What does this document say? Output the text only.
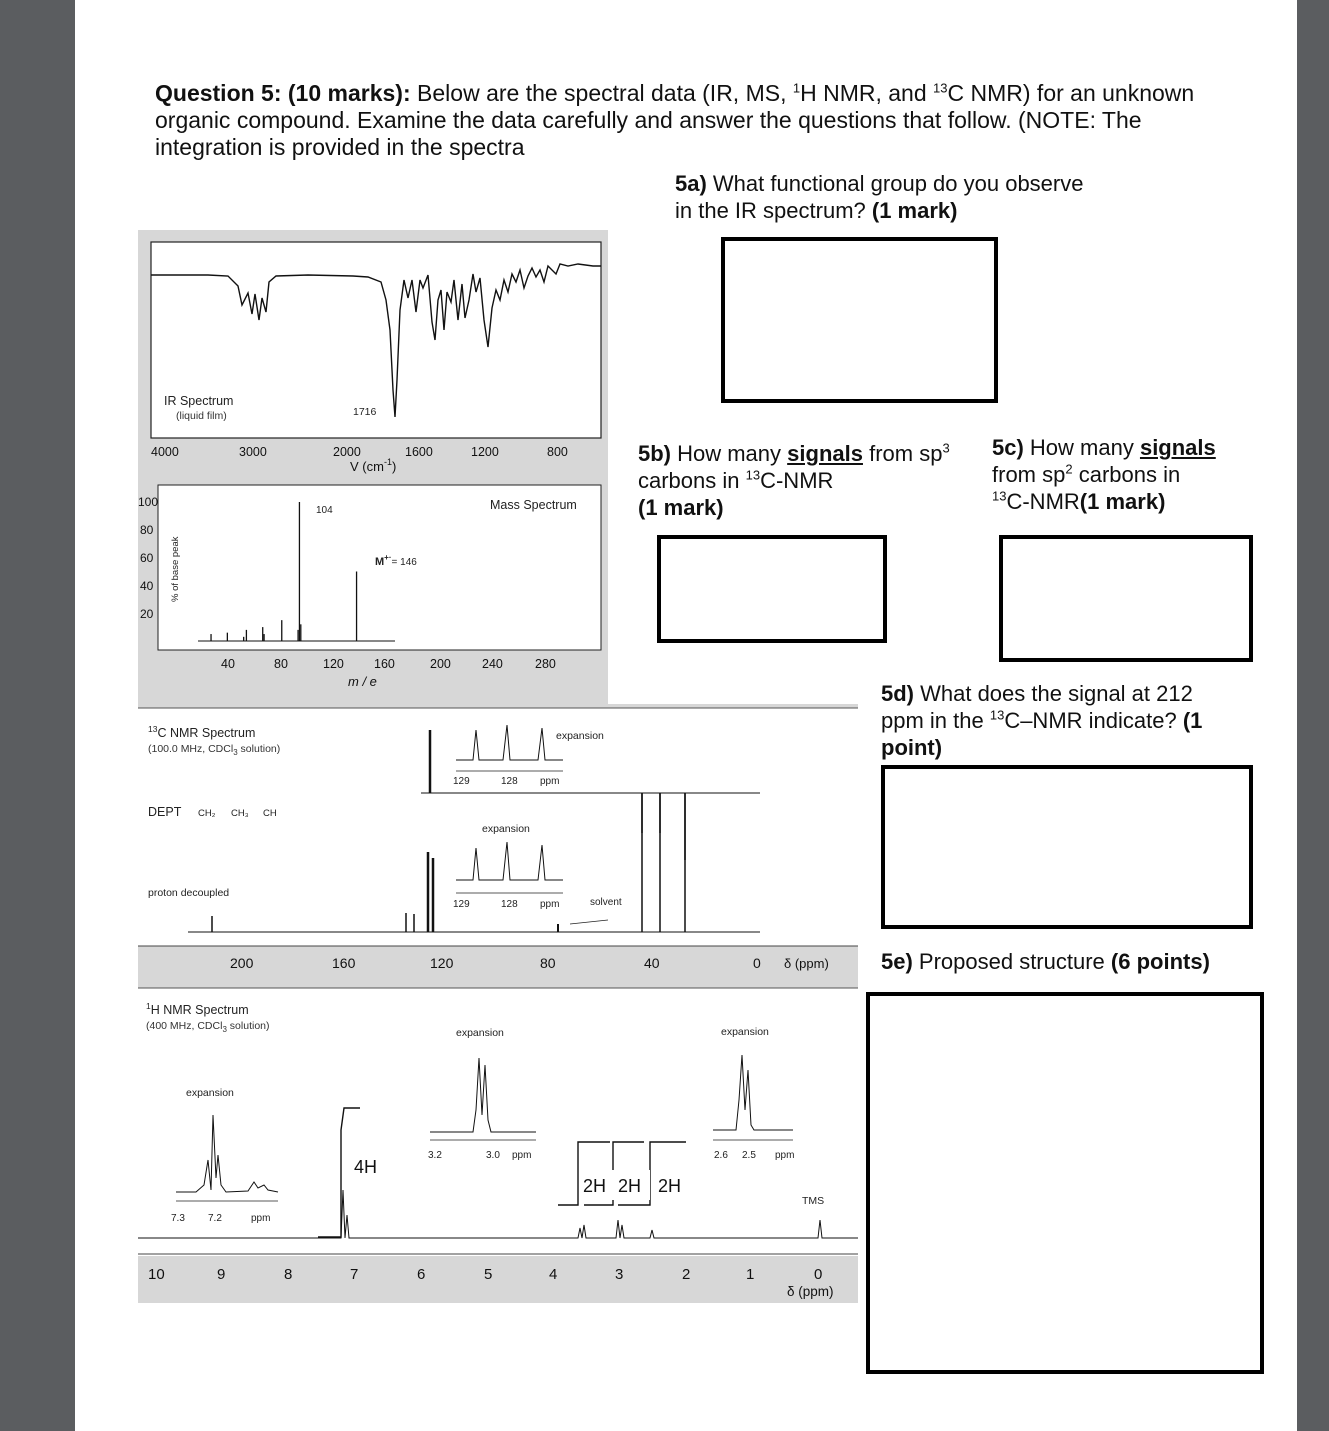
Question 5: (10 marks): Below are the spectral data (IR, MS, $^1$H NMR, and $^{13}$C NMR) for an unknown organic compound. Examine the data carefully and answer the questions that follow. (NOTE: The integration is provided in the spectra
5a) What functional group do you observe in the IR spectrum? (1 mark)
5b) How many signals from $sp^3$
carbons in $^{13}$C-NMR
(1 mark)
5c) How many signals
from $sp^2$ carbons in
$^{13}$C-NMR(1 mark)
5d) What does the signal at 212 ppm in the $^{13}$C–NMR indicate? (1 point)
5e) Proposed structure (6 points)
IR Spectrum
(liquid film)	1716
4000	3000	2000	1600	1200	800
V $(cm^{-1})$
104
M+·= 146
Mass Spectrum
% of base peak
100
80
60
40
20
40	80	120 160	200 240	280
m / e
$^{13}$C NMR Spectrum
(100.0 MHz, CDCl$_3$ solution)
expansion
129	128 ppm
DEPT CH₂ CH₃ CH
expansion
129	128 ppm
proton decoupled
solvent
200	160	120	80	40	0 δ (ppm)
$^1$H NMR Spectrum
(400 MHz, CDCl$_3$ solution)
expansion
7.3 7.2	ppm
expansion
3.2	3.0 ppm
expansion
2.6 2.5 ppm
4H
2H 2H 2H
TMS
10	9	8	7	6	5	4	3	2	1	0
δ (ppm)
